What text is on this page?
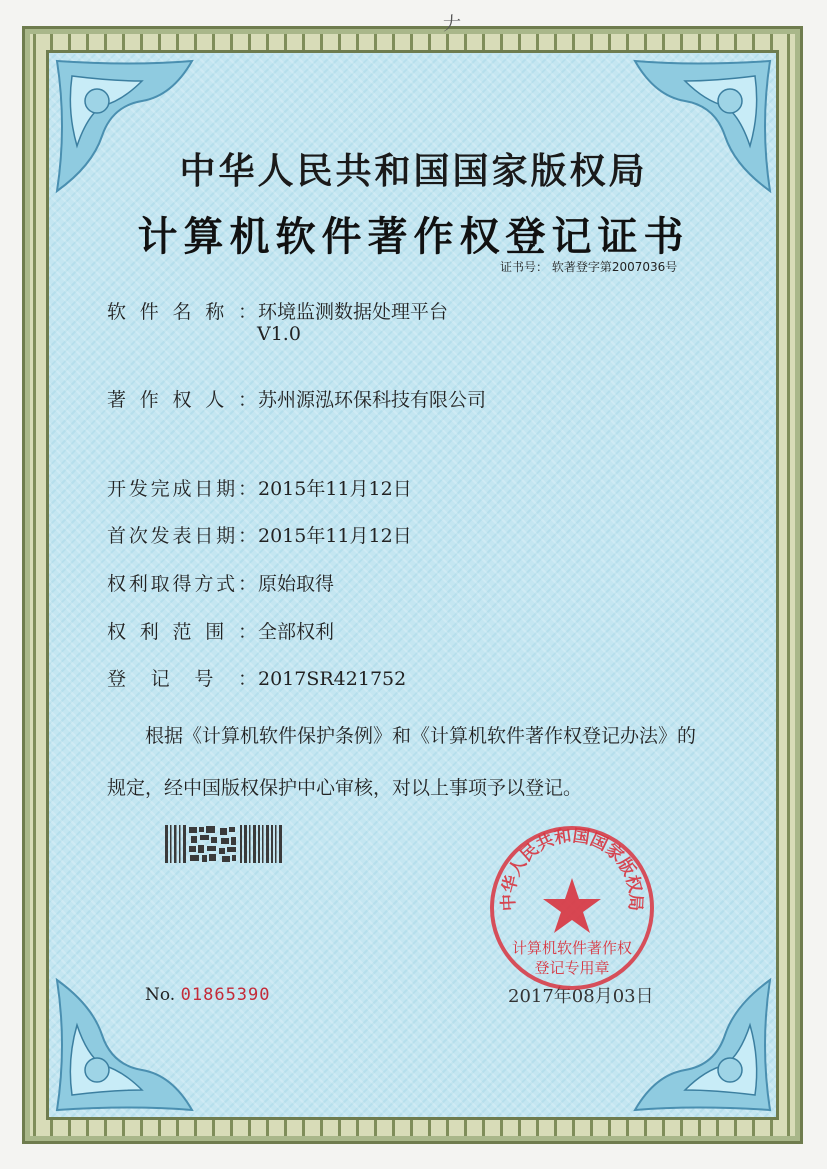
𠂇
中华人民共和国国家版权局
计算机软件著作权登记证书
证书号： 软著登字第2007036号
软件名称：环境监测数据处理平台
V1.0
著作权人：苏州源泓环保科技有限公司
开发完成日期：2015年11月12日
首次发表日期：2015年11月12日
权利取得方式：原始取得
权利范围：全部权利
登记号：2017SR421752
根据《计算机软件保护条例》和《计算机软件著作权登记办法》的
规定，经中国版权保护中心审核，对以上事项予以登记。
No. 01865390	2017年08月03日
中华人民共和国国家版权局
计算机软件著作权
登记专用章
